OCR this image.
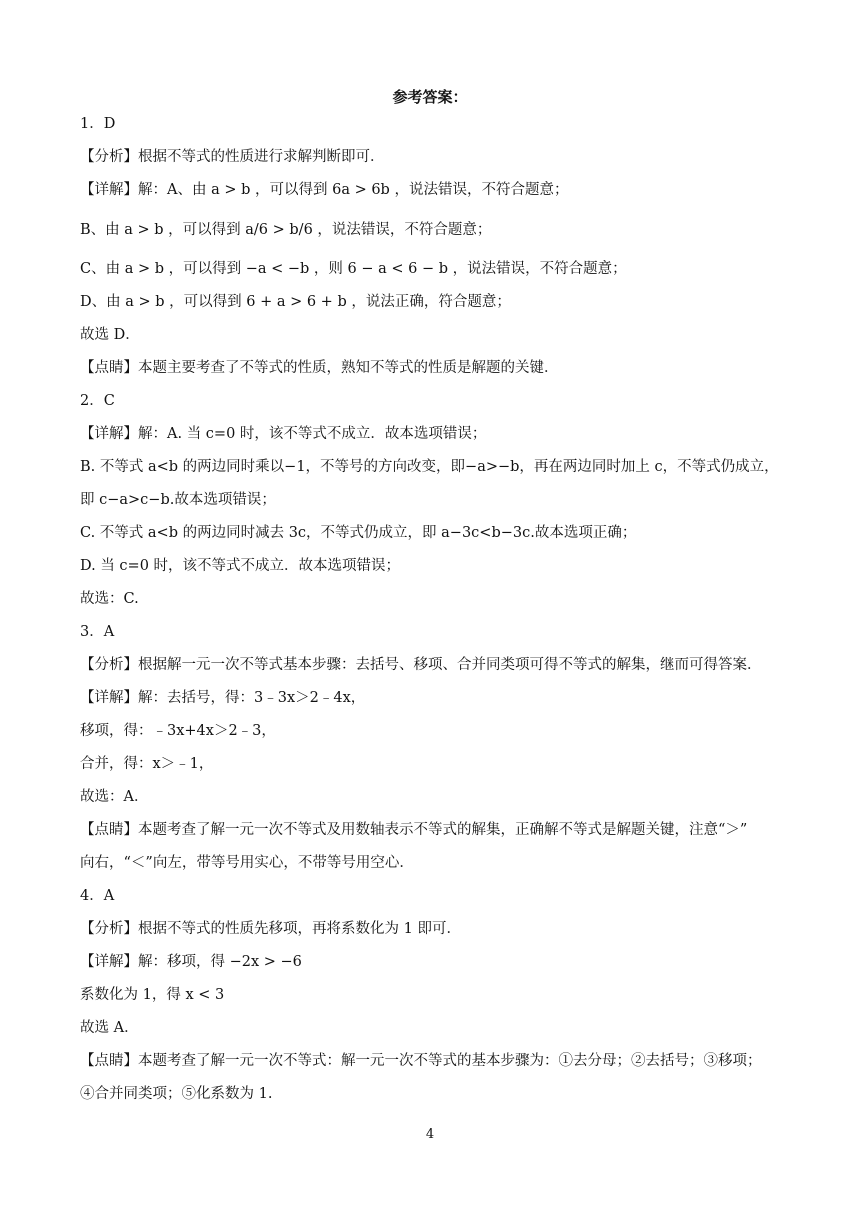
参考答案：
1．D
【分析】根据不等式的性质进行求解判断即可．
【详解】解：A、由 a > b ，可以得到 6a > 6b ，说法错误，不符合题意；
B、由 a > b ，可以得到 a/6 > b/6 ，说法错误，不符合题意；
C、由 a > b ，可以得到 −a < −b ，则 6 − a < 6 − b ，说法错误，不符合题意；
D、由 a > b ，可以得到 6 + a > 6 + b ，说法正确，符合题意；
故选 D．
【点睛】本题主要考查了不等式的性质，熟知不等式的性质是解题的关键．
2．C
【详解】解：A. 当 c=0 时，该不等式不成立．故本选项错误；
B. 不等式 a<b 的两边同时乘以−1，不等号的方向改变，即−a>−b，再在两边同时加上 c，不等式仍成立，
即 c−a>c−b.故本选项错误；
C. 不等式 a<b 的两边同时减去 3c，不等式仍成立，即 a−3c<b−3c.故本选项正确；
D. 当 c=0 时，该不等式不成立．故本选项错误；
故选：C.
3．A
【分析】根据解一元一次不等式基本步骤：去括号、移项、合并同类项可得不等式的解集，继而可得答案．
【详解】解：去括号，得：3﹣3x＞2﹣4x，
移项，得：﹣3x+4x＞2﹣3，
合并，得：x＞﹣1，
故选：A．
【点睛】本题考查了解一元一次不等式及用数轴表示不等式的解集，正确解不等式是解题关键，注意“＞”
向右，“＜”向左，带等号用实心，不带等号用空心．
4．A
【分析】根据不等式的性质先移项，再将系数化为 1 即可．
【详解】解：移项，得 −2x > −6
系数化为 1，得 x < 3
故选 A．
【点睛】本题考查了解一元一次不等式：解一元一次不等式的基本步骤为：①去分母；②去括号；③移项；
④合并同类项；⑤化系数为 1.
4
